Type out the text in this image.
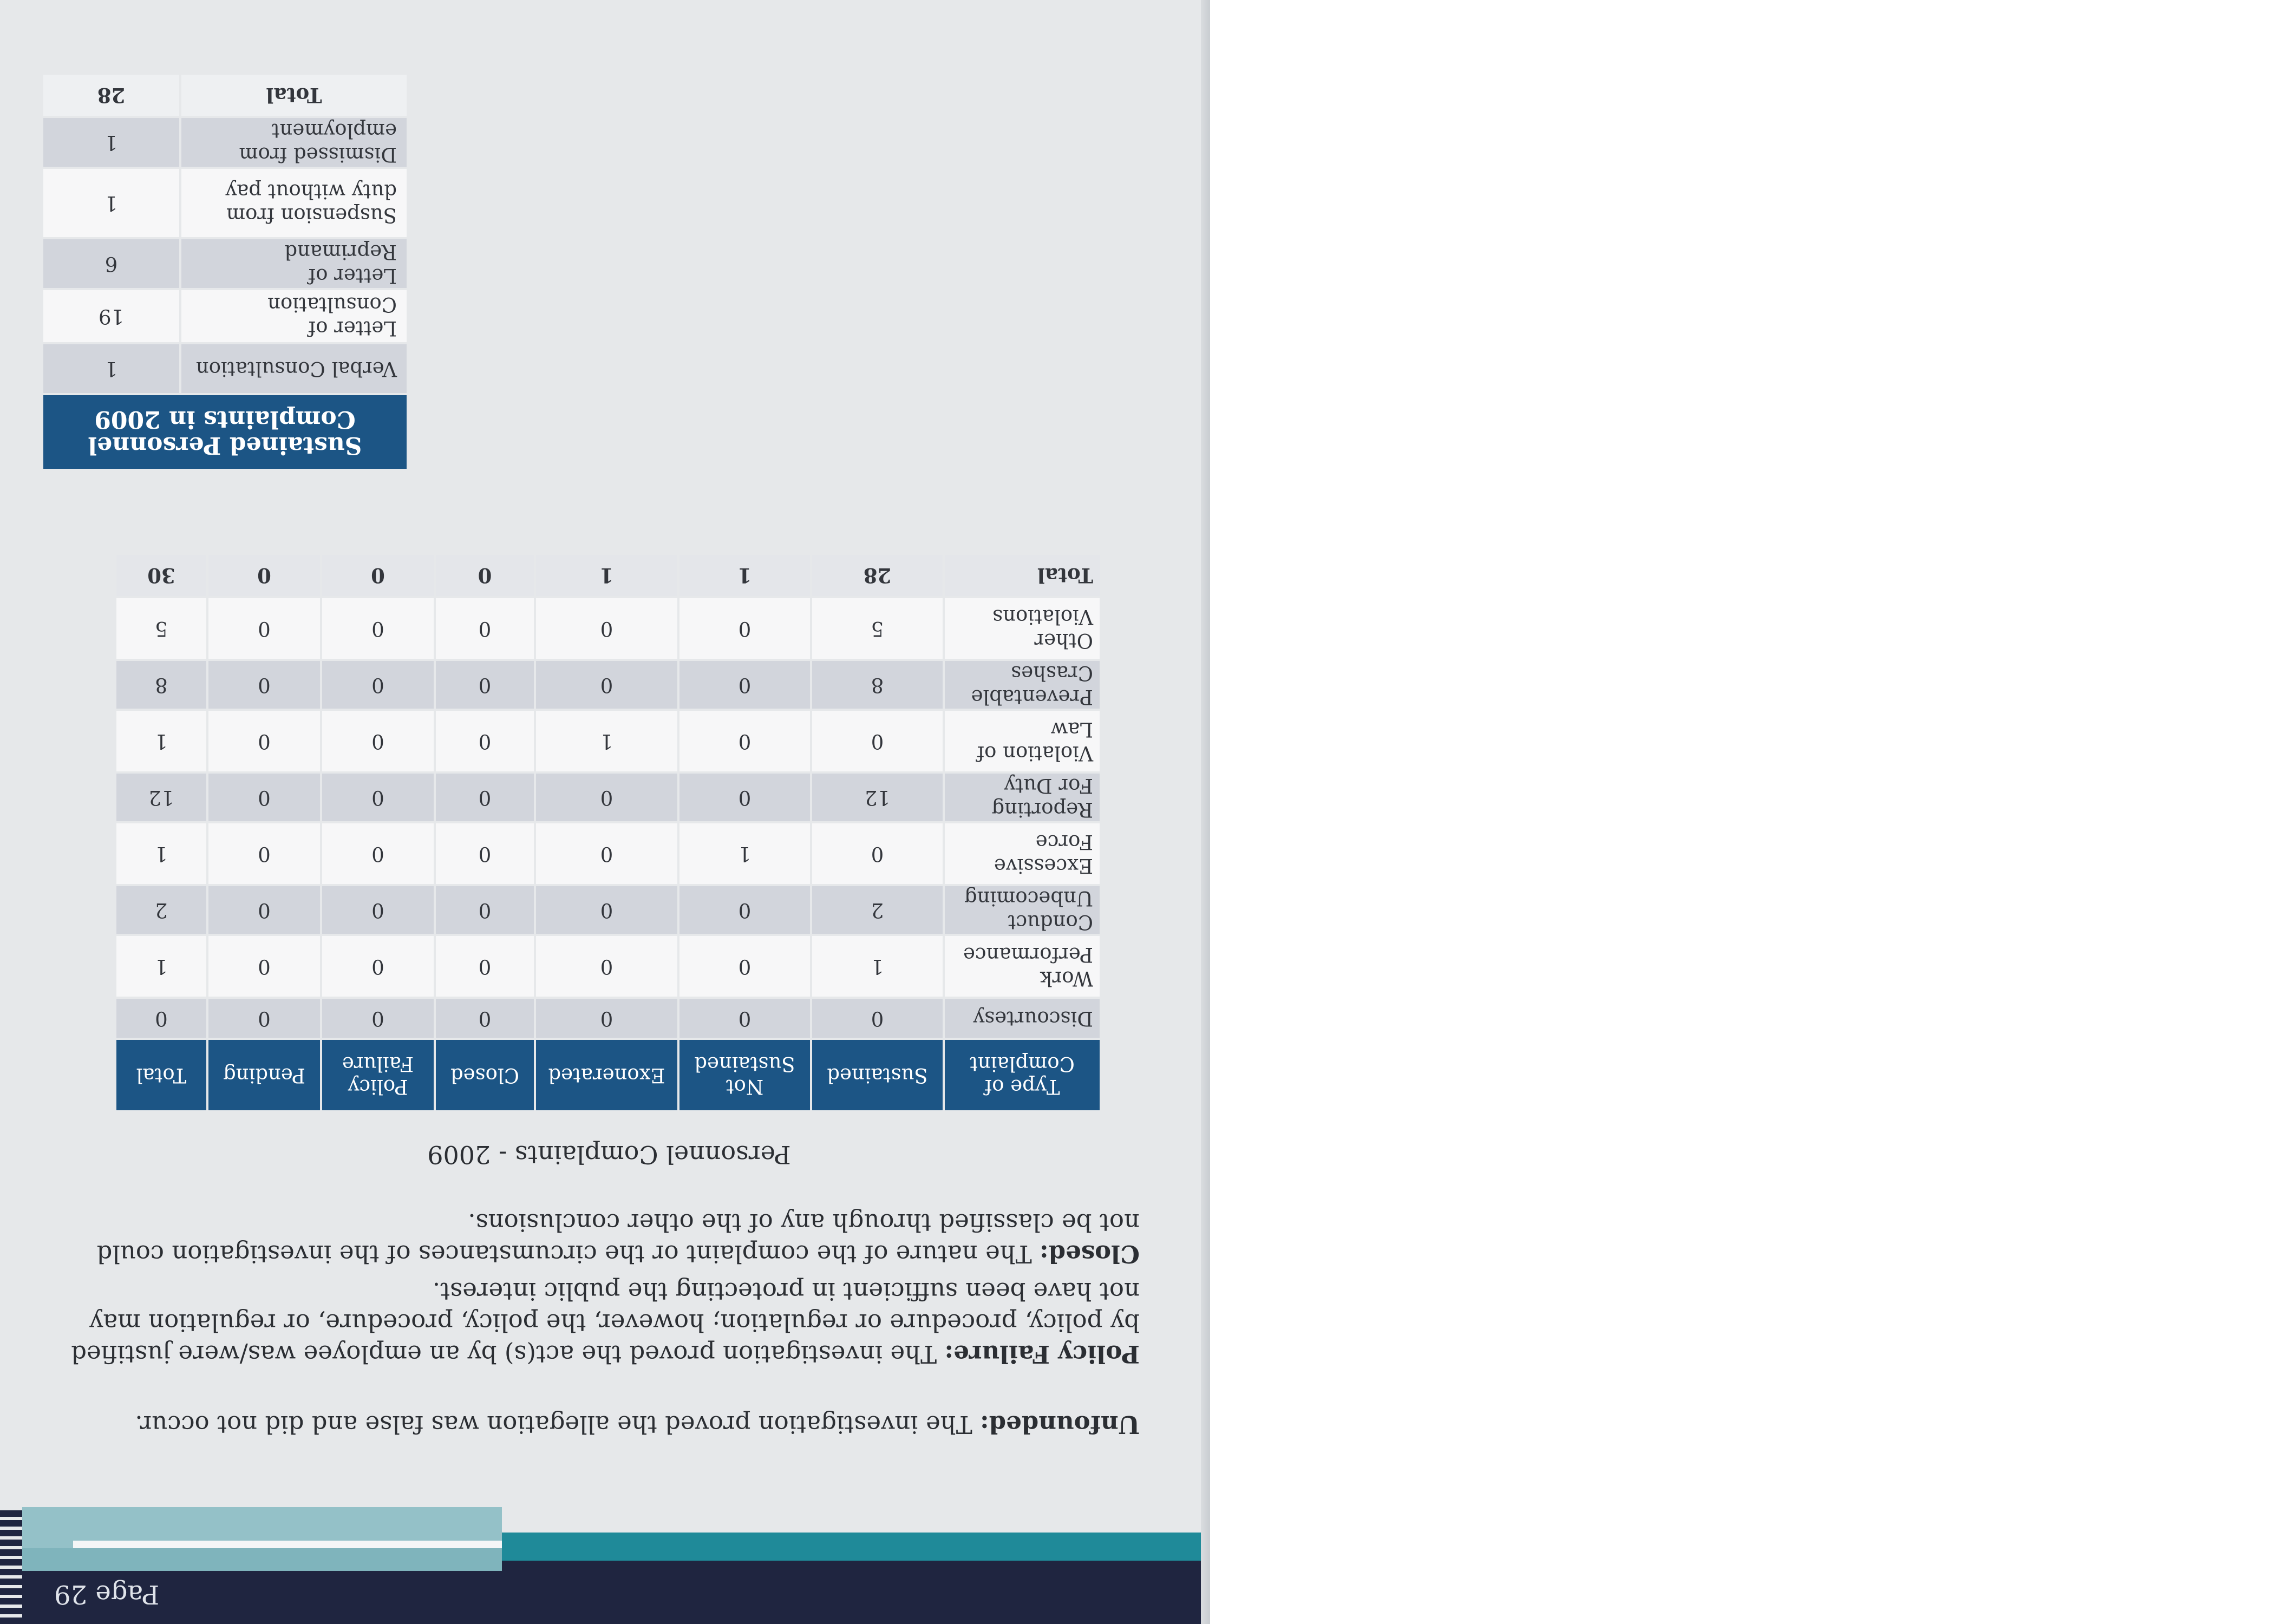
Page 29

Unfounded: The investigation proved the allegation was false and did not occur.

Policy Failure: The investigation proved the act(s) by an employee was/were justified by policy, procedure or regulation; however, the policy, procedure, or regulation may not have been sufficient in protecting the public interest.

Closed: The nature of the complaint or the circumstances of the investigation could not be classified through any of the other conclusions.

Personnel Complaints - 2009
Type of Complaint	Sustained	Not Sustained	Exonerated	Closed	Policy Failure	Pending	Total
Discourtesy	0	0	0	0	0	0	0
Work Performance	1	0	0	0	0	0	1
Conduct Unbecoming	2	0	0	0	0	0	2
Excessive Force	0	1	0	0	0	0	1
Reporting For Duty	12	0	0	0	0	0	12
Violation of Law	0	0	1	0	0	0	1
Preventable Crashes	8	0	0	0	0	0	8
Other Violations	5	0	0	0	0	0	5
Total	28	1	1	0	0	0	30
Sustained Personnel Complaints in 2009	
Verbal Consultation	1
Letter of Consultation	19
Letter of Reprimand	6
Suspension from duty without pay	1
Dismissed from employment	1
Total	28
